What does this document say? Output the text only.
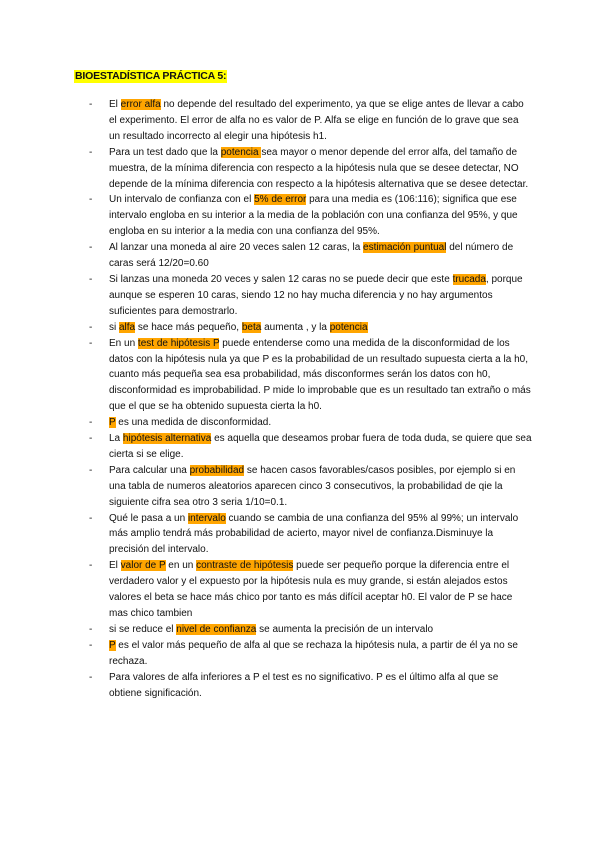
BIOESTADÍSTICA PRÁCTICA 5:
- El error alfa no depende del resultado del experimento, ya que se elige antes de llevar a cabo el experimento. El error de alfa no es valor de P. Alfa se elige en función de lo grave que sea un resultado incorrecto al elegir una hipótesis h1.
- Para un test dado que la potencia sea mayor o menor depende del error alfa, del tamaño de muestra, de la mínima diferencia con respecto a la hipótesis nula que se desee detectar, NO depende de la mínima diferencia con respecto a la hipótesis alternativa que se desee detectar.
- Un intervalo de confianza con el 5% de error para una media es (106:116); significa que ese intervalo engloba en su interior a la media de la población con una confianza del 95%, y que engloba en su interior a la media con una confianza del 95%.
- Al lanzar una moneda al aire 20 veces salen 12 caras, la estimación puntual del número de caras será 12/20=0.60
- Si lanzas una moneda 20 veces y salen 12 caras no se puede decir que este trucada, porque aunque se esperen 10 caras, siendo 12 no hay mucha diferencia y no hay argumentos suficientes para demostrarlo.
- si alfa se hace más pequeño, beta aumenta , y la potencia
- En un test de hipótesis P puede entenderse como una medida de la disconformidad de los datos con la hipótesis nula ya que P es la probabilidad de un resultado supuesta cierta a la h0, cuanto más pequeña sea esa probabilidad, más disconformes serán los datos con h0, disconformidad es improbabilidad. P mide lo improbable que es un resultado tan extraño o más que el que se ha obtenido supuesta cierta la h0.
- P es una medida de disconformidad.
- La hipótesis alternativa es aquella que deseamos probar fuera de toda duda, se quiere que sea cierta si se elige.
- Para calcular una probabilidad se hacen casos favorables/casos posibles, por ejemplo si en una tabla de numeros aleatorios aparecen cinco 3 consecutivos, la probabilidad de qie la siguiente cifra sea otro 3 seria 1/10=0.1.
- Qué le pasa a un intervalo cuando se cambia de una confianza del 95% al 99%; un intervalo más amplio tendrá más probabilidad de acierto, mayor nivel de confianza.Disminuye la precisión del intervalo.
- El valor de P en un contraste de hipótesis puede ser pequeño porque la diferencia entre el verdadero valor y el expuesto por la hipótesis nula es muy grande, si están alejados estos valores el beta se hace más chico por tanto es más difícil aceptar h0. El valor de P se hace mas chico tambien
- si se reduce el nivel de confianza se aumenta la precisión de un intervalo
- P es el valor más pequeño de alfa al que se rechaza la hipótesis nula, a partir de él ya no se rechaza.
- Para valores de alfa inferiores a P el test es no significativo. P es el último alfa al que se obtiene significación.
